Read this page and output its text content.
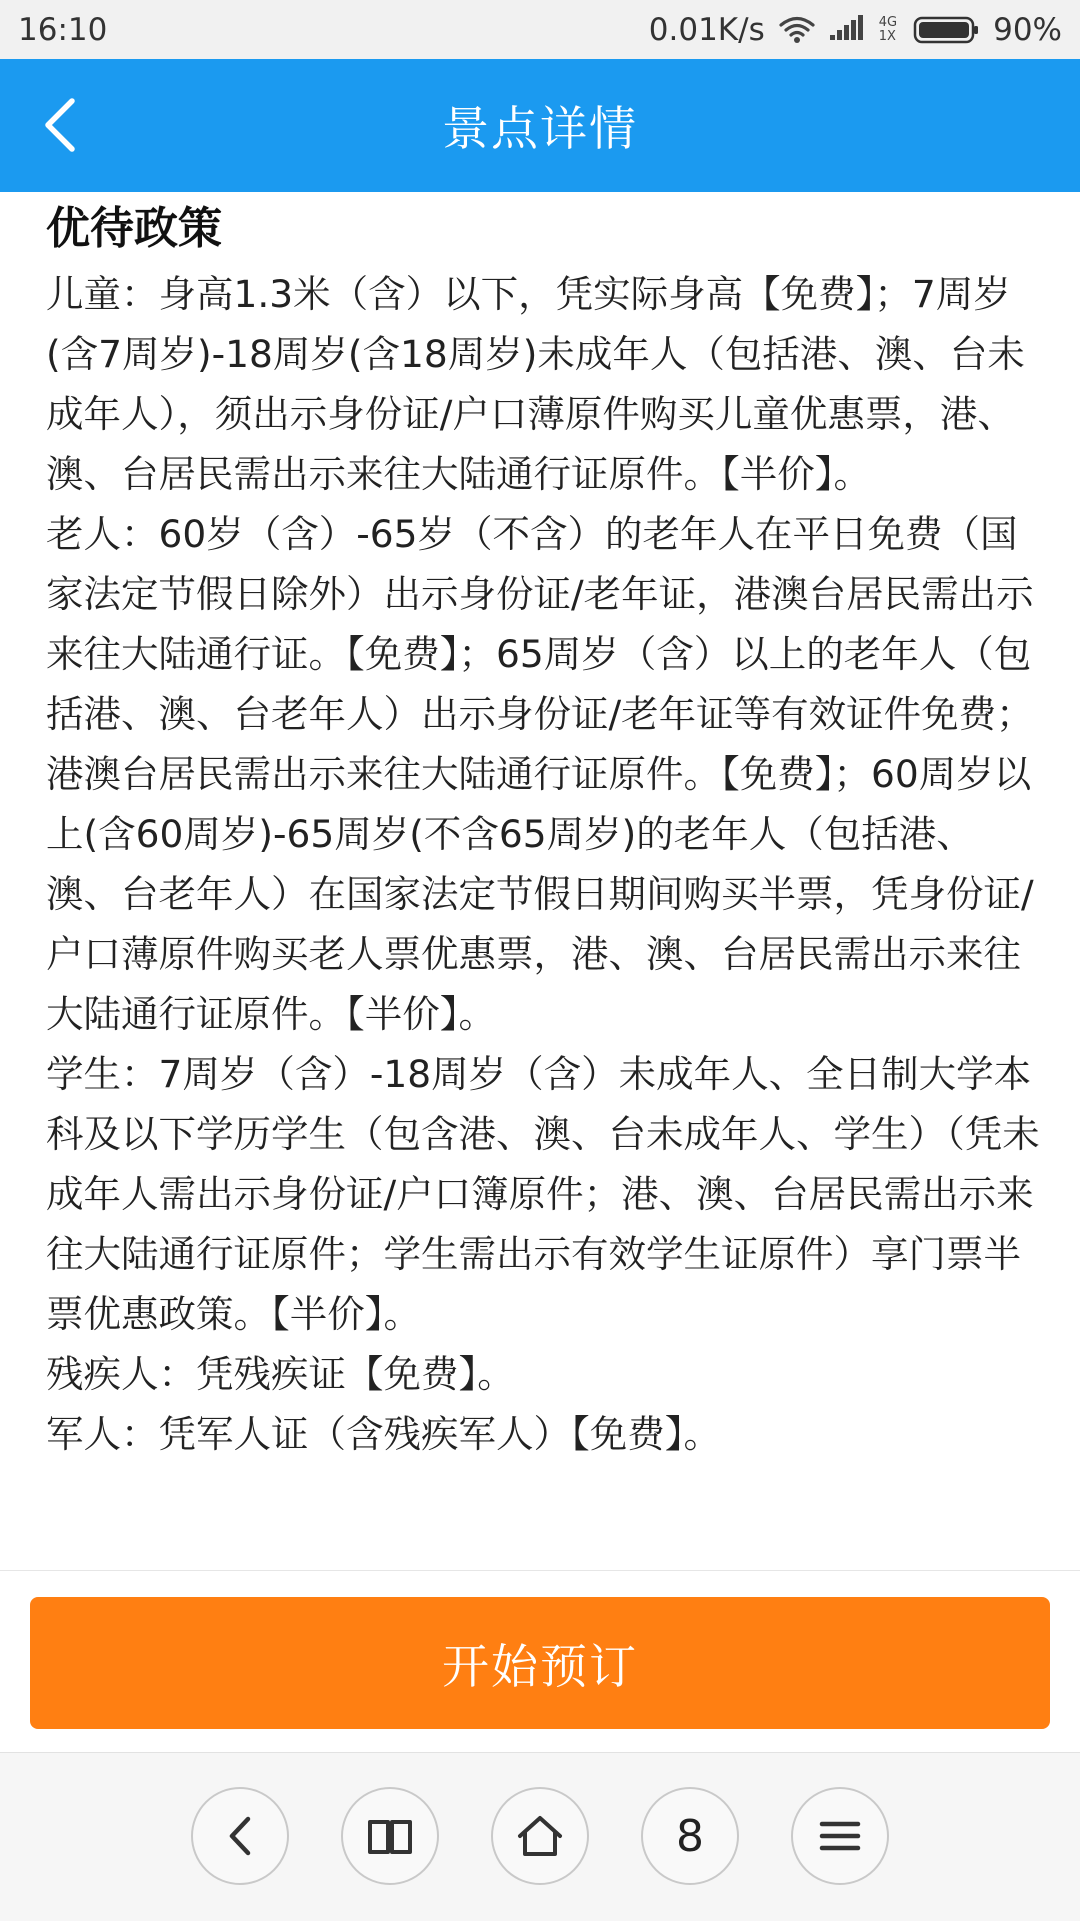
16:10	0.01K/s	4G
1X	90%
景点详情
优待政策

儿童：身高1.3米（含）以下，凭实际身高【免费】；7周岁(含7周岁)-18周岁(含18周岁)未成年人（包括港、澳、台未成年人），须出示身份证/户口薄原件购买儿童优惠票，港、澳、台居民需出示来往大陆通行证原件。【半价】。

老人：60岁（含）-65岁（不含）的老年人在平日免费（国家法定节假日除外）出示身份证/老年证，港澳台居民需出示来往大陆通行证。【免费】；65周岁（含）以上的老年人（包括港、澳、台老年人）出示身份证/老年证等有效证件免费；港澳台居民需出示来往大陆通行证原件。【免费】；60周岁以上(含60周岁)-65周岁(不含65周岁)的老年人（包括港、澳、台老年人）在国家法定节假日期间购买半票，凭身份证/户口薄原件购买老人票优惠票，港、澳、台居民需出示来往大陆通行证原件。【半价】。

学生：7周岁（含）-18周岁（含）未成年人、全日制大学本科及以下学历学生（包含港、澳、台未成年人、学生）（凭未成年人需出示身份证/户口簿原件；港、澳、台居民需出示来往大陆通行证原件；学生需出示有效学生证原件）享门票半票优惠政策。【半价】。

残疾人：凭残疾证【免费】。

军人：凭军人证（含残疾军人）【免费】。

开始预订
8
